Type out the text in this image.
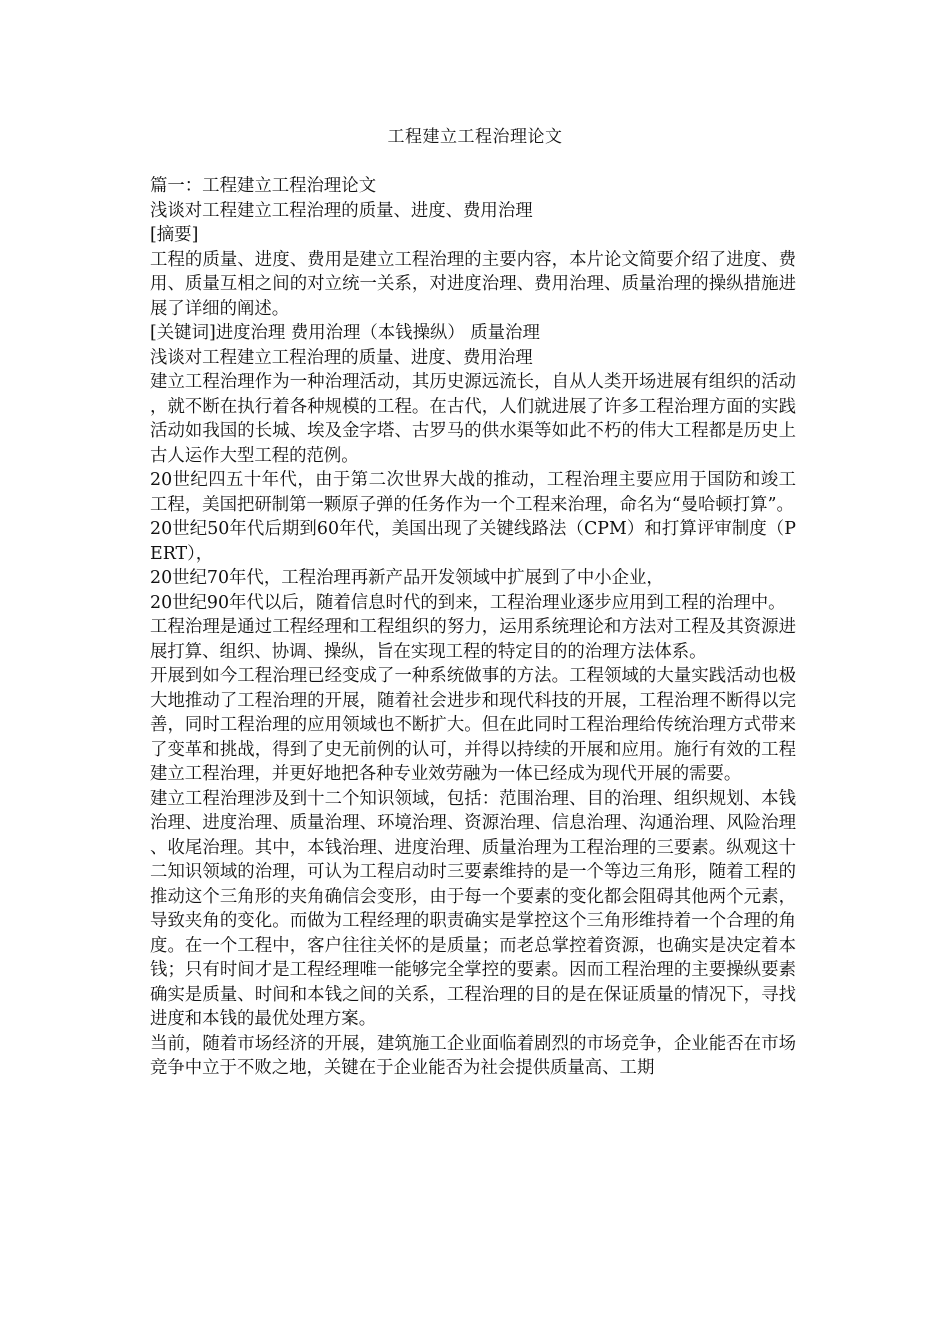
工程建立工程治理论文

篇一：工程建立工程治理论文

浅谈对工程建立工程治理的质量、进度、费用治理

[摘要]

工程的质量、进度、费用是建立工程治理的主要内容，本片论文简要介绍了进度、费用、质量互相之间的对立统一关系，对进度治理、费用治理、质量治理的操纵措施进展了详细的阐述。

[关键词]进度治理 费用治理（本钱操纵） 质量治理

浅谈对工程建立工程治理的质量、进度、费用治理

建立工程治理作为一种治理活动，其历史源远流长，自从人类开场进展有组织的活动，就不断在执行着各种规模的工程。在古代，人们就进展了许多工程治理方面的实践活动如我国的长城、埃及金字塔、古罗马的供水渠等如此不朽的伟大工程都是历史上古人运作大型工程的范例。

20世纪四五十年代，由于第二次世界大战的推动，工程治理主要应用于国防和竣工工程，美国把研制第一颗原子弹的任务作为一个工程来治理，命名为“曼哈顿打算”。

20世纪50年代后期到60年代，美国出现了关键线路法（CPM）和打算评审制度（PERT），

20世纪70年代，工程治理再新产品开发领域中扩展到了中小企业，

20世纪90年代以后，随着信息时代的到来，工程治理业逐步应用到工程的治理中。

工程治理是通过工程经理和工程组织的努力，运用系统理论和方法对工程及其资源进展打算、组织、协调、操纵，旨在实现工程的特定目的的治理方法体系。

开展到如今工程治理已经变成了一种系统做事的方法。工程领域的大量实践活动也极大地推动了工程治理的开展，随着社会进步和现代科技的开展，工程治理不断得以完善，同时工程治理的应用领域也不断扩大。但在此同时工程治理给传统治理方式带来了变革和挑战，得到了史无前例的认可，并得以持续的开展和应用。施行有效的工程建立工程治理，并更好地把各种专业效劳融为一体已经成为现代开展的需要。

建立工程治理涉及到十二个知识领域，包括：范围治理、目的治理、组织规划、本钱治理、进度治理、质量治理、环境治理、资源治理、信息治理、沟通治理、风险治理、收尾治理。其中，本钱治理、进度治理、质量治理为工程治理的三要素。纵观这十二知识领域的治理，可认为工程启动时三要素维持的是一个等边三角形，随着工程的推动这个三角形的夹角确信会变形，由于每一个要素的变化都会阻碍其他两个元素，导致夹角的变化。而做为工程经理的职责确实是掌控这个三角形维持着一个合理的角度。在一个工程中，客户往往关怀的是质量；而老总掌控着资源，也确实是决定着本钱；只有时间才是工程经理唯一能够完全掌控的要素。因而工程治理的主要操纵要素确实是质量、时间和本钱之间的关系，工程治理的目的是在保证质量的情况下，寻找进度和本钱的最优处理方案。

当前，随着市场经济的开展，建筑施工企业面临着剧烈的市场竞争，企业能否在市场竞争中立于不败之地，关键在于企业能否为社会提供质量高、工期
